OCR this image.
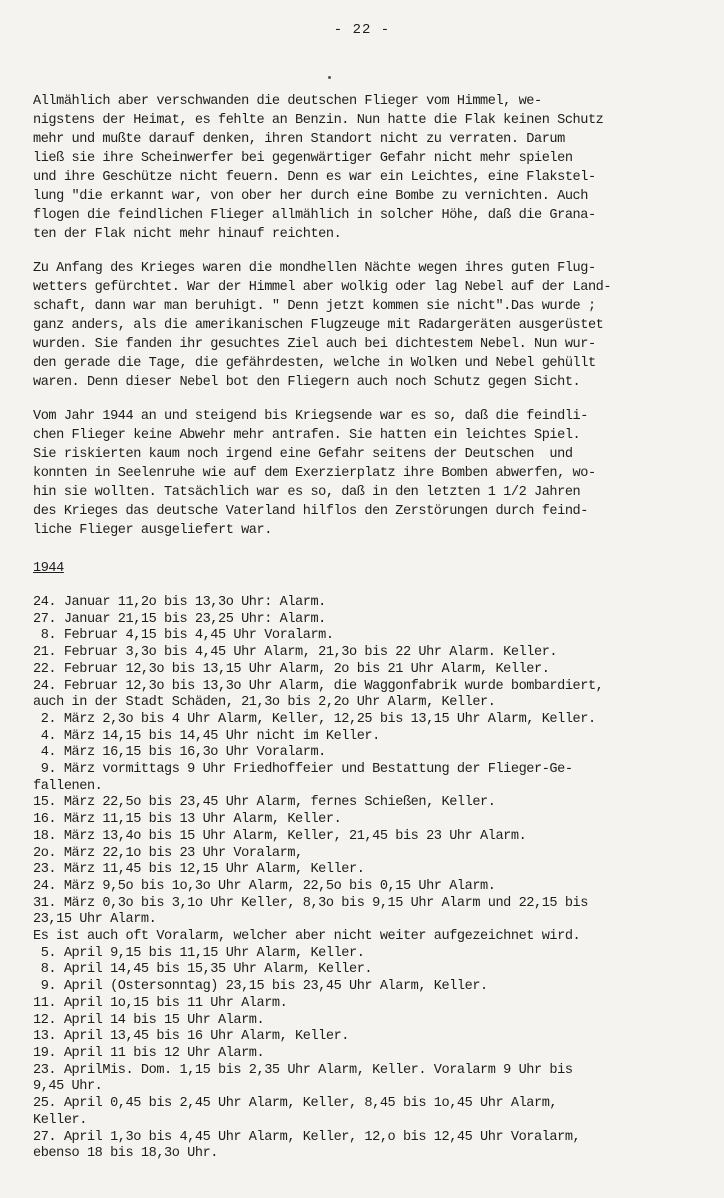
- 22 -
Allmählich aber verschwanden die deutschen Flieger vom Himmel, we-
nigstens der Heimat, es fehlte an Benzin. Nun hatte die Flak keinen Schutz
mehr und mußte darauf denken, ihren Standort nicht zu verraten. Darum
ließ sie ihre Scheinwerfer bei gegenwärtiger Gefahr nicht mehr spielen
und ihre Geschütze nicht feuern. Denn es war ein Leichtes, eine Flakstel-
lung "die erkannt war, von ober her durch eine Bombe zu vernichten. Auch
flogen die feindlichen Flieger allmählich in solcher Höhe, daß die Grana-
ten der Flak nicht mehr hinauf reichten.
Zu Anfang des Krieges waren die mondhellen Nächte wegen ihres guten Flug-
wetters gefürchtet. War der Himmel aber wolkig oder lag Nebel auf der Land-
schaft, dann war man beruhigt. " Denn jetzt kommen sie nicht".Das wurde ;
ganz anders, als die amerikanischen Flugzeuge mit Radargeräten ausgerüstet
wurden. Sie fanden ihr gesuchtes Ziel auch bei dichtestem Nebel. Nun wur-
den gerade die Tage, die gefährdesten, welche in Wolken und Nebel gehüllt
waren. Denn dieser Nebel bot den Fliegern auch noch Schutz gegen Sicht.
Vom Jahr 1944 an und steigend bis Kriegsende war es so, daß die feindli-
chen Flieger keine Abwehr mehr antrafen. Sie hatten ein leichtes Spiel.
Sie riskierten kaum noch irgend eine Gefahr seitens der Deutschen  und
konnten in Seelenruhe wie auf dem Exerzierplatz ihre Bomben abwerfen, wo-
hin sie wollten. Tatsächlich war es so, daß in den letzten 1 1/2 Jahren
des Krieges das deutsche Vaterland hilflos den Zerstörungen durch feind-
liche Flieger ausgeliefert war.
1944
24. Januar 11,2o bis 13,3o Uhr: Alarm.
27. Januar 21,15 bis 23,25 Uhr: Alarm.
8. Februar 4,15 bis 4,45 Uhr Voralarm.
21. Februar 3,3o bis 4,45 Uhr Alarm, 21,3o bis 22 Uhr Alarm. Keller.
22. Februar 12,3o bis 13,15 Uhr Alarm, 2o bis 21 Uhr Alarm, Keller.
24. Februar 12,3o bis 13,3o Uhr Alarm, die Waggonfabrik wurde bombardiert,
auch in der Stadt Schäden, 21,3o bis 2,2o Uhr Alarm, Keller.
2. März 2,3o bis 4 Uhr Alarm, Keller, 12,25 bis 13,15 Uhr Alarm, Keller.
4. März 14,15 bis 14,45 Uhr nicht im Keller.
4. März 16,15 bis 16,3o Uhr Voralarm.
9. März vormittags 9 Uhr Friedhoffeier und Bestattung der Flieger-Ge-
fallenen.
15. März 22,5o bis 23,45 Uhr Alarm, fernes Schießen, Keller.
16. März 11,15 bis 13 Uhr Alarm, Keller.
18. März 13,4o bis 15 Uhr Alarm, Keller, 21,45 bis 23 Uhr Alarm.
2o. März 22,1o bis 23 Uhr Voralarm,
23. März 11,45 bis 12,15 Uhr Alarm, Keller.
24. März 9,5o bis 1o,3o Uhr Alarm, 22,5o bis 0,15 Uhr Alarm.
31. März 0,3o bis 3,1o Uhr Keller, 8,3o bis 9,15 Uhr Alarm und 22,15 bis
23,15 Uhr Alarm.
Es ist auch oft Voralarm, welcher aber nicht weiter aufgezeichnet wird.
5. April 9,15 bis 11,15 Uhr Alarm, Keller.
8. April 14,45 bis 15,35 Uhr Alarm, Keller.
9. April (Ostersonntag) 23,15 bis 23,45 Uhr Alarm, Keller.
11. April 1o,15 bis 11 Uhr Alarm.
12. April 14 bis 15 Uhr Alarm.
13. April 13,45 bis 16 Uhr Alarm, Keller.
19. April 11 bis 12 Uhr Alarm.
23. AprilMis. Dom. 1,15 bis 2,35 Uhr Alarm, Keller. Voralarm 9 Uhr bis
9,45 Uhr.
25. April 0,45 bis 2,45 Uhr Alarm, Keller, 8,45 bis 1o,45 Uhr Alarm,
Keller.
27. April 1,3o bis 4,45 Uhr Alarm, Keller, 12,o bis 12,45 Uhr Voralarm,
ebenso 18 bis 18,3o Uhr.
